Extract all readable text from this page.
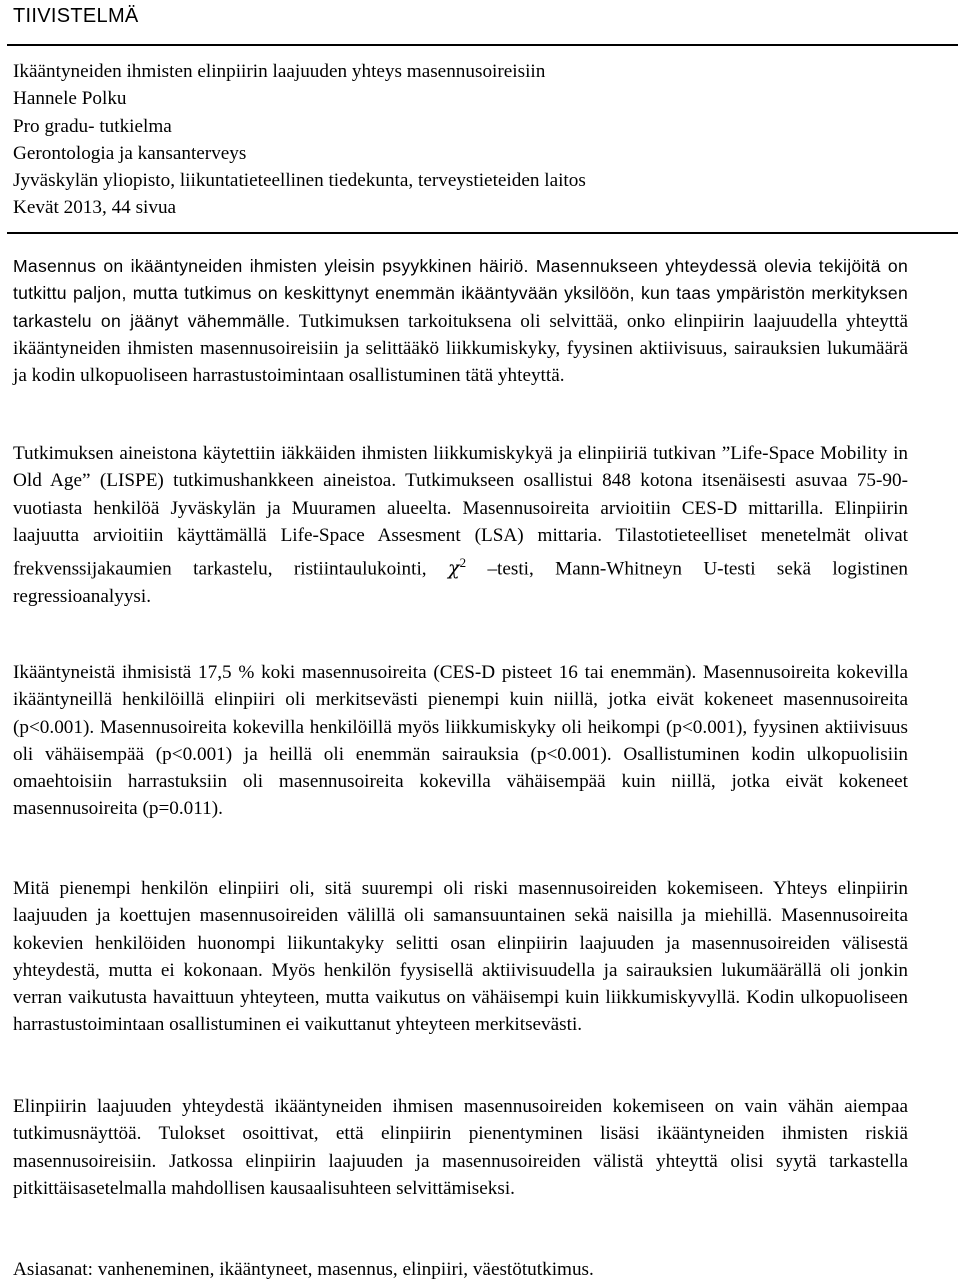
TIIVISTELMÄ
Ikääntyneiden ihmisten elinpiirin laajuuden yhteys masennusoireisiin
Hannele Polku
Pro gradu- tutkielma
Gerontologia ja kansanterveys
Jyväskylän yliopisto, liikuntatieteellinen tiedekunta, terveystieteiden laitos
Kevät 2013, 44 sivua

Masennus on ikääntyneiden ihmisten yleisin psyykkinen häiriö. Masennukseen yhteydessä olevia tekijöitä on tutkittu paljon, mutta tutkimus on keskittynyt enemmän ikääntyvään yksilöön, kun taas ympäristön merkityksen tarkastelu on jäänyt vähemmälle. Tutkimuksen tarkoituksena oli selvittää, onko elinpiirin laajuudella yhteyttä ikääntyneiden ihmisten masennusoireisiin ja selittääkö liikkumiskyky, fyysinen aktiivisuus, sairauksien lukumäärä ja kodin ulkopuoliseen harrastustoimintaan osallistuminen tätä yhteyttä.

Tutkimuksen aineistona käytettiin iäkkäiden ihmisten liikkumiskykyä ja elinpiiriä tutkivan ”Life-Space Mobility in Old Age” (LISPE) tutkimushankkeen aineistoa. Tutkimukseen osallistui 848 kotona itsenäisesti asuvaa 75-90-vuotiasta henkilöä Jyväskylän ja Muuramen alueelta. Masennusoireita arvioitiin CES-D mittarilla. Elinpiirin laajuutta arvioitiin käyttämällä Life-Space Assesment (LSA) mittaria. Tilastotieteelliset menetelmät olivat frekvenssijakaumien tarkastelu, ristiintaulukointi, $\chi^2$ –testi, Mann-Whitneyn U-testi sekä logistinen regressioanalyysi.

Ikääntyneistä ihmisistä 17,5 % koki masennusoireita (CES-D pisteet 16 tai enemmän). Masennusoireita kokevilla ikääntyneillä henkilöillä elinpiiri oli merkitsevästi pienempi kuin niillä, jotka eivät kokeneet masennusoireita (p<0.001). Masennusoireita kokevilla henkilöillä myös liikkumiskyky oli heikompi (p<0.001), fyysinen aktiivisuus oli vähäisempää (p<0.001) ja heillä oli enemmän sairauksia (p<0.001). Osallistuminen kodin ulkopuolisiin omaehtoisiin harrastuksiin oli masennusoireita kokevilla vähäisempää kuin niillä, jotka eivät kokeneet masennusoireita (p=0.011).

Mitä pienempi henkilön elinpiiri oli, sitä suurempi oli riski masennusoireiden kokemiseen. Yhteys elinpiirin laajuuden ja koettujen masennusoireiden välillä oli samansuuntainen sekä naisilla ja miehillä. Masennusoireita kokevien henkilöiden huonompi liikuntakyky selitti osan elinpiirin laajuuden ja masennusoireiden välisestä yhteydestä, mutta ei kokonaan. Myös henkilön fyysisellä aktiivisuudella ja sairauksien lukumäärällä oli jonkin verran vaikutusta havaittuun yhteyteen, mutta vaikutus on vähäisempi kuin liikkumiskyvyllä. Kodin ulkopuoliseen harrastustoimintaan osallistuminen ei vaikuttanut yhteyteen merkitsevästi.

Elinpiirin laajuuden yhteydestä ikääntyneiden ihmisen masennusoireiden kokemiseen on vain vähän aiempaa tutkimusnäyttöä. Tulokset osoittivat, että elinpiirin pienentyminen lisäsi ikääntyneiden ihmisten riskiä masennusoireisiin. Jatkossa elinpiirin laajuuden ja masennusoireiden välistä yhteyttä olisi syytä tarkastella pitkittäisasetelmalla mahdollisen kausaalisuhteen selvittämiseksi.

Asiasanat: vanheneminen, ikääntyneet, masennus, elinpiiri, väestötutkimus.
